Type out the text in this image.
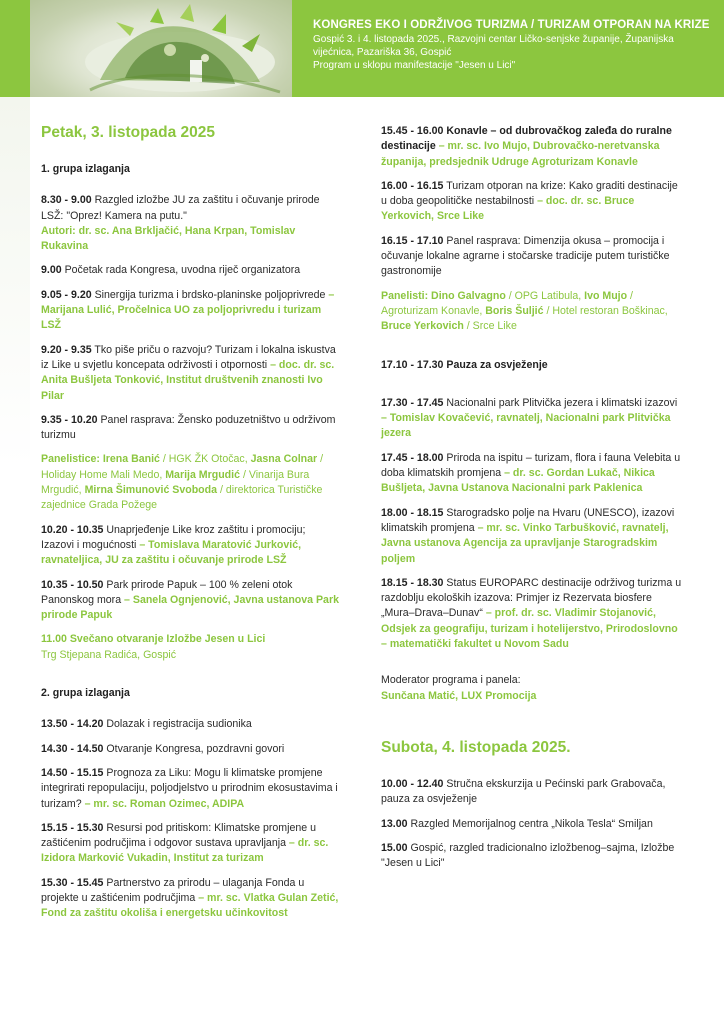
KONGRES EKO I ODRŽIVOG TURIZMA / TURIZAM OTPORAN NA KRIZE
Gospić 3. i 4. listopada 2025., Razvojni centar Ličko-senjske županije, Županijska vijećnica, Pazariška 36, Gospić
Program u sklopu manifestacije "Jesen u Lici"
Petak, 3. listopada 2025
1. grupa izlaganja
8.30 - 9.00 Razgled izložbe JU za zaštitu i očuvanje prirode LSŽ: "Oprez! Kamera na putu."
Autori: dr. sc. Ana Brkljačić, Hana Krpan, Tomislav Rukavina
9.00 Početak rada Kongresa, uvodna riječ organizatora
9.05 - 9.20 Sinergija turizma i brdsko-planinske poljoprivrede – Marijana Lulić, Pročelnica UO za poljoprivredu i turizam LSŽ
9.20 - 9.35 Tko piše priču o razvoju? Turizam i lokalna iskustva iz Like u svjetlu koncepata održivosti i otpornosti – doc. dr. sc. Anita Bušljeta Tonković, Institut društvenih znanosti Ivo Pilar
9.35 - 10.20 Panel rasprava: Žensko poduzetništvo u održivom turizmu
Panelistice: Irena Banić / HGK ŽK Otočac, Jasna Colnar / Holiday Home Mali Medo, Marija Mrgudić / Vinarija Bura Mrgudić, Mirna Šimunović Svoboda / direktorica Turističke zajednice Grada Požege
10.20 - 10.35 Unaprjeđenje Like kroz zaštitu i promociju; Izazovi i mogućnosti – Tomislava Maratović Jurković, ravnateljica, JU za zaštitu i očuvanje prirode LSŽ
10.35 - 10.50 Park prirode Papuk – 100 % zeleni otok Panonskog mora – Sanela Ognjenović, Javna ustanova Park prirode Papuk
11.00 Svečano otvaranje Izložbe Jesen u Lici
Trg Stjepana Radića, Gospić
2. grupa izlaganja
13.50 - 14.20 Dolazak i registracija sudionika
14.30 - 14.50 Otvaranje Kongresa, pozdravni govori
14.50 - 15.15 Prognoza za Liku: Mogu li klimatske promjene integrirati repopulaciju, poljodjelstvo u prirodnim ekosustavima i turizam? – mr. sc. Roman Ozimec, ADIPA
15.15 - 15.30 Resursi pod pritiskom: Klimatske promjene u zaštićenim područjima i odgovor sustava upravljanja – dr. sc. Izidora Marković Vukadin, Institut za turizam
15.30 - 15.45 Partnerstvo za prirodu – ulaganja Fonda u projekte u zaštićenim područjima – mr. sc. Vlatka Gulan Zetić, Fond za zaštitu okoliša i energetsku učinkovitost
15.45 - 16.00 Konavle – od dubrovačkog zaleđa do ruralne destinacije – mr. sc. Ivo Mujo, Dubrovačko-neretvanska županija, predsjednik Udruge Agroturizam Konavle
16.00 - 16.15 Turizam otporan na krize: Kako graditi destinacije u doba geopolitičke nestabilnosti – doc. dr. sc. Bruce Yerkovich, Srce Like
16.15 - 17.10 Panel rasprava: Dimenzija okusa – promocija i očuvanje lokalne agrarne i stočarske tradicije putem turističke gastronomije
Panelisti: Dino Galvagno / OPG Latibula, Ivo Mujo / Agroturizam Konavle, Boris Šuljić / Hotel restoran Boškinac, Bruce Yerkovich / Srce Like
17.10 - 17.30 Pauza za osvježenje
17.30 - 17.45 Nacionalni park Plitvička jezera i klimatski izazovi – Tomislav Kovačević, ravnatelj, Nacionalni park Plitvička jezera
17.45 - 18.00 Priroda na ispitu – turizam, flora i fauna Velebita u doba klimatskih promjena – dr. sc. Gordan Lukač, Nikica Bušljeta, Javna Ustanova Nacionalni park Paklenica
18.00 - 18.15 Starogradsko polje na Hvaru (UNESCO), izazovi klimatskih promjena – mr. sc. Vinko Tarbušković, ravnatelj, Javna ustanova Agencija za upravljanje Starogradskim poljem
18.15 - 18.30 Status EUROPARC destinacije održivog turizma u razdoblju ekoloških izazova: Primjer iz Rezervata biosfere „Mura–Drava–Dunav“ – prof. dr. sc. Vladimir Stojanović, Odsjek za geografiju, turizam i hotelijerstvo, Prirodoslovno – matematički fakultet u Novom Sadu
Moderator programa i panela:
Sunčana Matić, LUX Promocija
Subota, 4. listopada 2025.
10.00 - 12.40 Stručna ekskurzija u Pećinski park Grabovača, pauza za osvježenje
13.00 Razgled Memorijalnog centra „Nikola Tesla“ Smiljan
15.00 Gospić, razgled tradicionalno izložbenog–sajma, Izložbe "Jesen u Lici"
